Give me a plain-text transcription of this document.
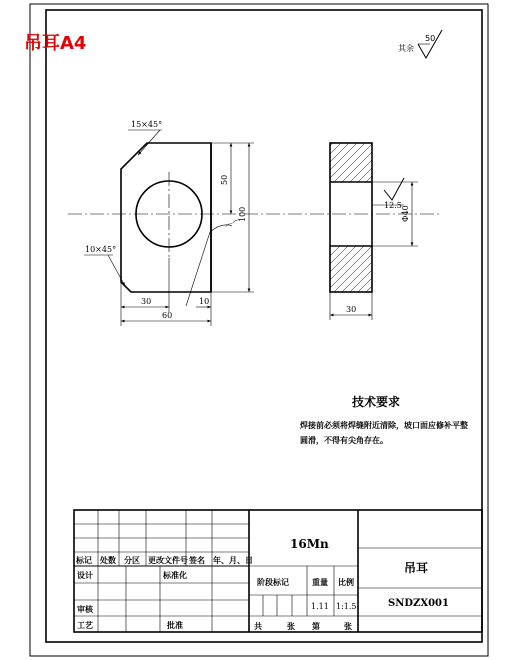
吊耳A4	其余
50
15×45°
10×45°
⌒⌒
50
100
30	10
60
30
Φ40
12.5
技术要求
焊接前必须将焊缝附近清除，坡口面应修补平整
圆滑，不得有尖角存在。
标记 处数 分区 更改文件号 签名 年、月、日
设计	标准化
审核
工艺	批准
16Mn
阶段标记	重量 比例
1.11 1:1.5
共	张 第	张
吊耳
SNDZX001
